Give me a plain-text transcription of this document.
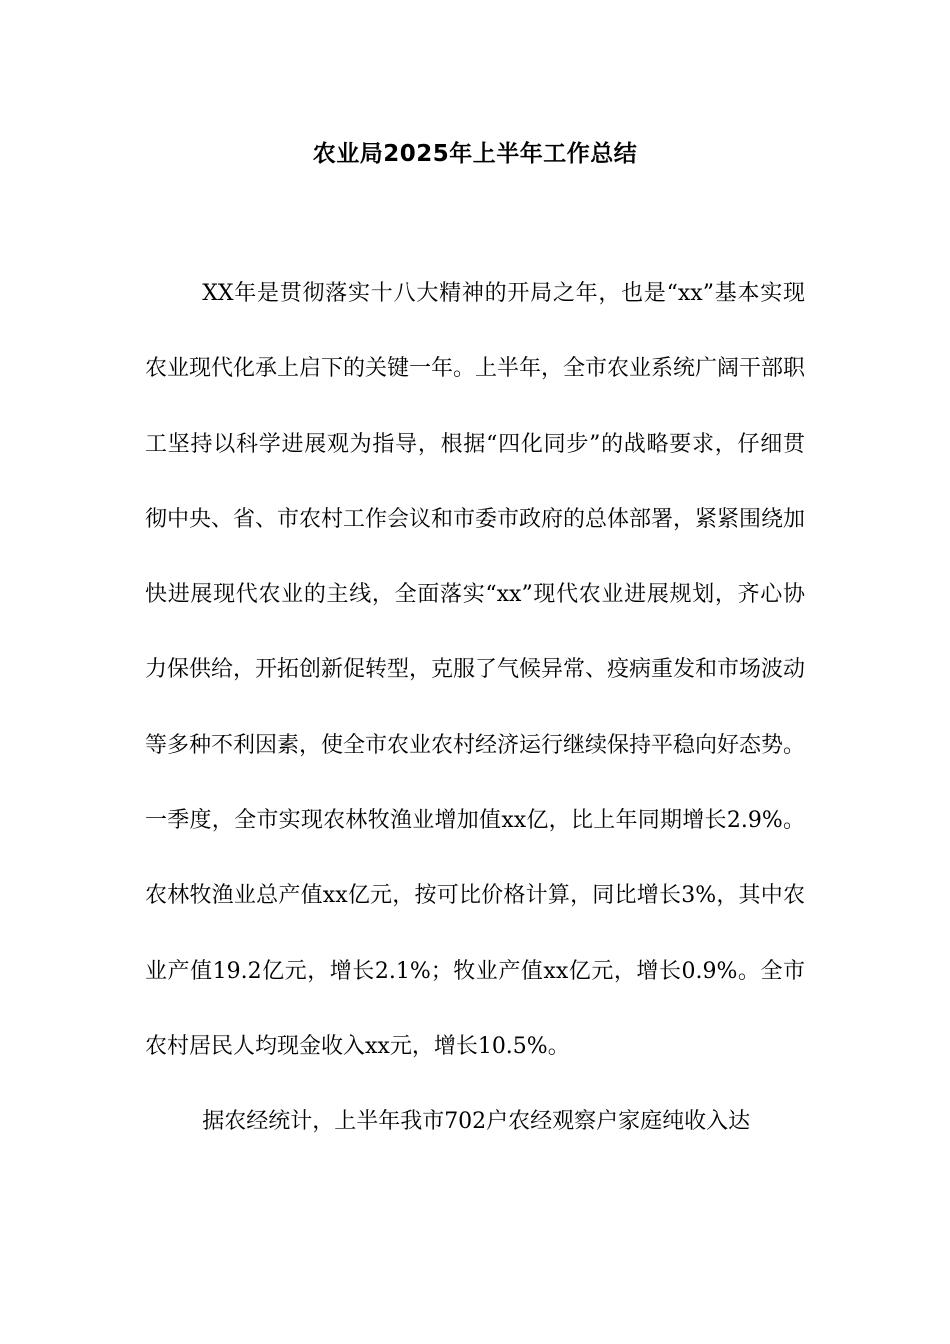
农业局2025年上半年工作总结

XX年是贯彻落实十八大精神的开局之年，也是“xx”基本实现农业现代化承上启下的关键一年。上半年，全市农业系统广阔干部职工坚持以科学进展观为指导，根据“四化同步”的战略要求，仔细贯彻中央、省、市农村工作会议和市委市政府的总体部署，紧紧围绕加快进展现代农业的主线，全面落实“xx”现代农业进展规划，齐心协力保供给，开拓创新促转型，克服了气候异常、疫病重发和市场波动等多种不利因素，使全市农业农村经济运行继续保持平稳向好态势。一季度，全市实现农林牧渔业增加值xx亿，比上年同期增长2.9%。农林牧渔业总产值xx亿元，按可比价格计算，同比增长3%，其中农业产值19.2亿元，增长2.1%；牧业产值xx亿元，增长0.9%。全市农村居民人均现金收入xx元，增长10.5%。

据农经统计，上半年我市702户农经观察户家庭纯收入达
